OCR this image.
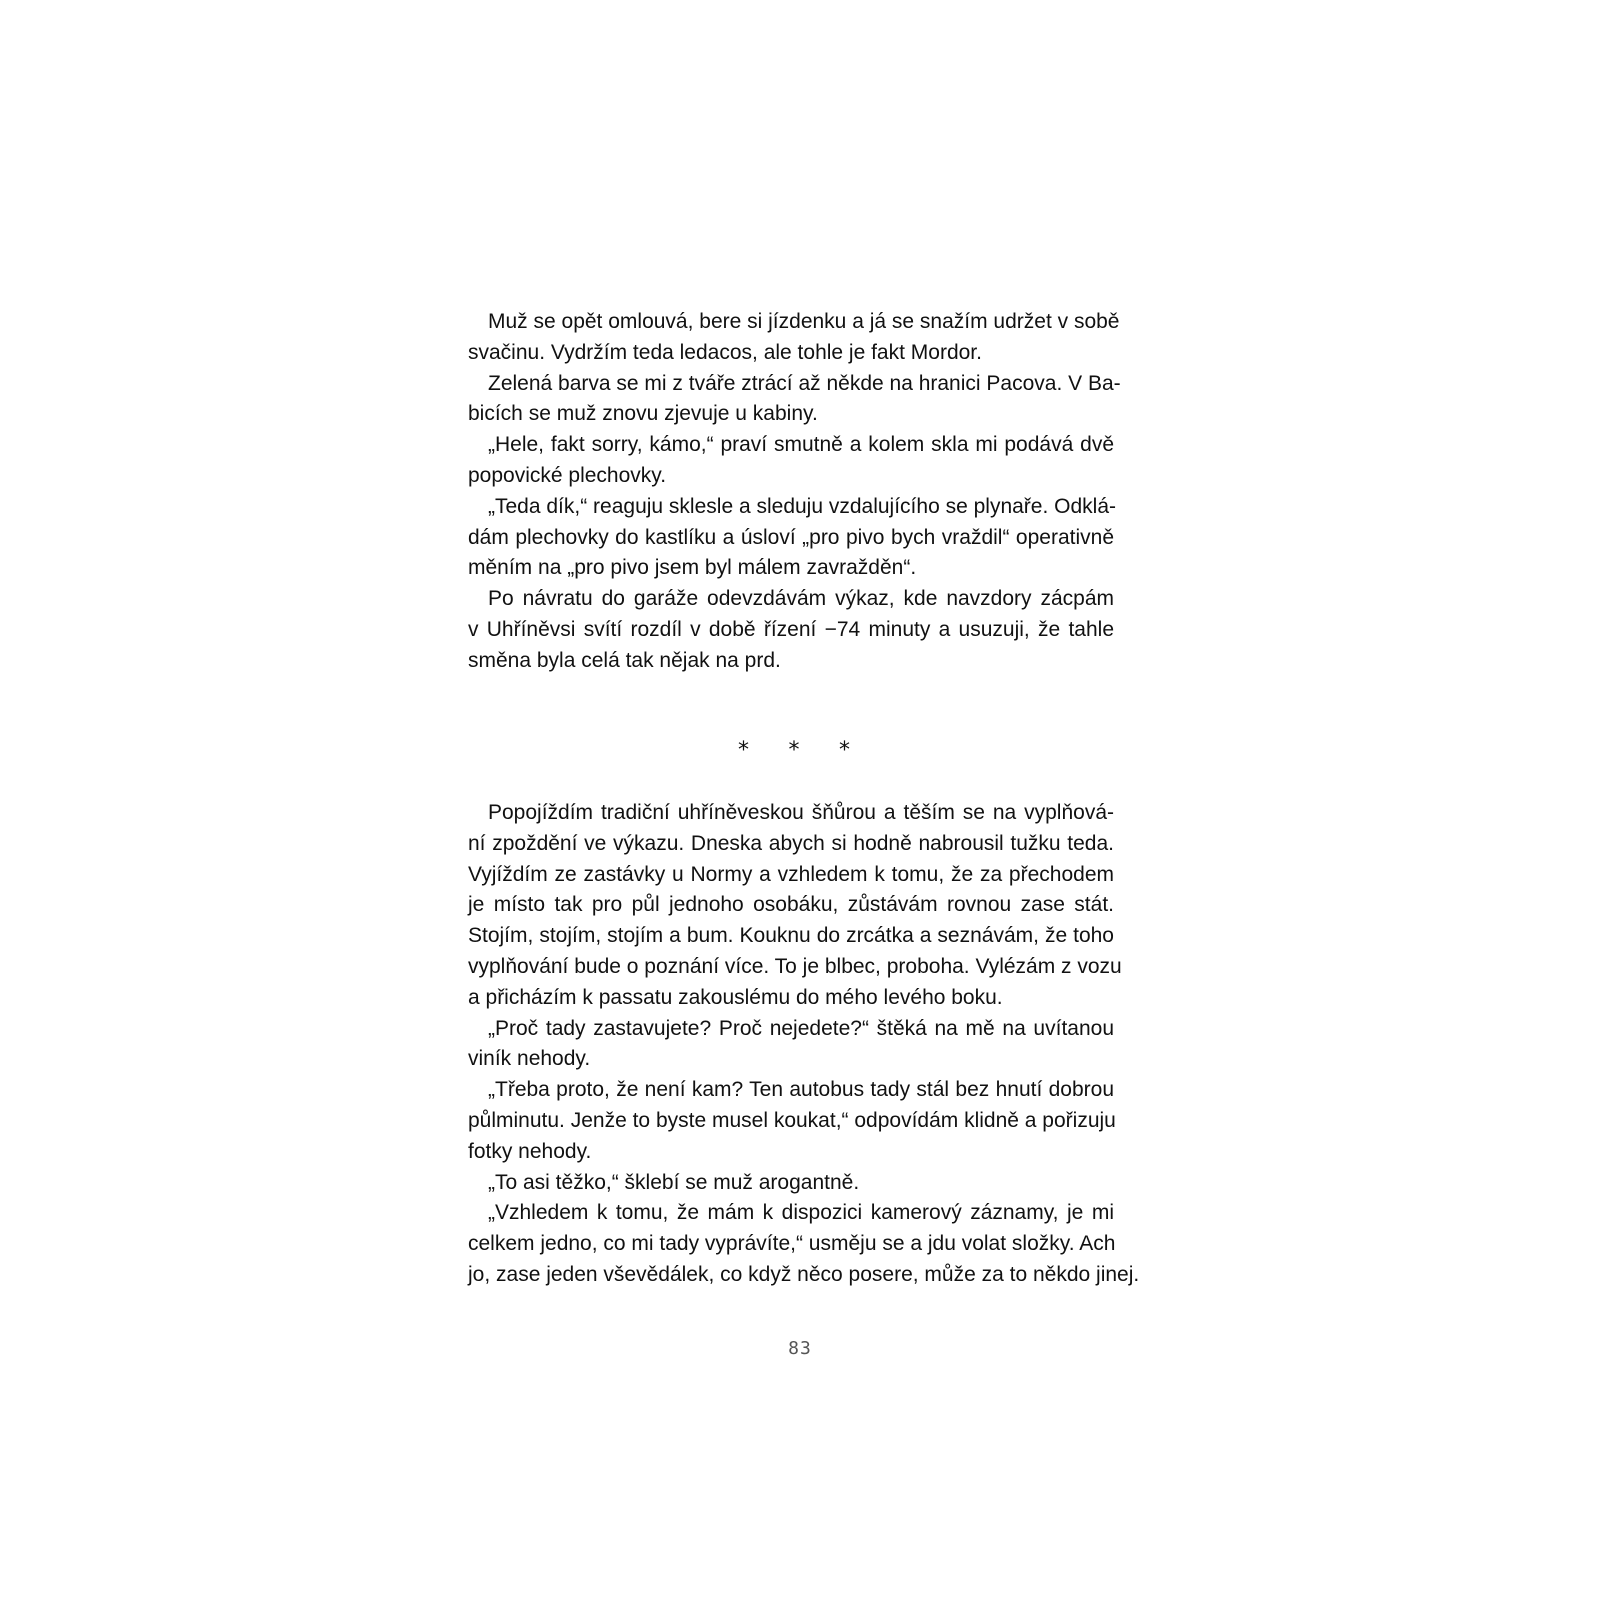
Muž se opět omlouvá, bere si jízdenku a já se snažím udržet v sobě
svačinu. Vydržím teda ledacos, ale tohle je fakt Mordor.
Zelená barva se mi z tváře ztrácí až někde na hranici Pacova. V Ba-
bicích se muž znovu zjevuje u kabiny.
„Hele, fakt sorry, kámo,“ praví smutně a kolem skla mi podává dvě
popovické plechovky.
„Teda dík,“ reaguju sklesle a sleduju vzdalujícího se plynaře. Odklá-
dám plechovky do kastlíku a úsloví „pro pivo bych vraždil“ operativně
měním na „pro pivo jsem byl málem zavražděn“.
Po návratu do garáže odevzdávám výkaz, kde navzdory zácpám
v Uhříněvsi svítí rozdíl v době řízení −74 minuty a usuzuji, že tahle
směna byla celá tak nějak na prd.
* * *
Popojíždím tradiční uhříněveskou šňůrou a těším se na vyplňová-
ní zpoždění ve výkazu. Dneska abych si hodně nabrousil tužku teda.
Vyjíždím ze zastávky u Normy a vzhledem k tomu, že za přechodem
je místo tak pro půl jednoho osobáku, zůstávám rovnou zase stát.
Stojím, stojím, stojím a bum. Kouknu do zrcátka a seznávám, že toho
vyplňování bude o poznání více. To je blbec, proboha. Vylézám z vozu
a přicházím k passatu zakouslému do mého levého boku.
„Proč tady zastavujete? Proč nejedete?“ štěká na mě na uvítanou
viník nehody.
„Třeba proto, že není kam? Ten autobus tady stál bez hnutí dobrou
půlminutu. Jenže to byste musel koukat,“ odpovídám klidně a pořizuju
fotky nehody.
„To asi těžko,“ šklebí se muž arogantně.
„Vzhledem k tomu, že mám k dispozici kamerový záznamy, je mi
celkem jedno, co mi tady vyprávíte,“ usměju se a jdu volat složky. Ach
jo, zase jeden vševědálek, co když něco posere, může za to někdo jinej.
83
